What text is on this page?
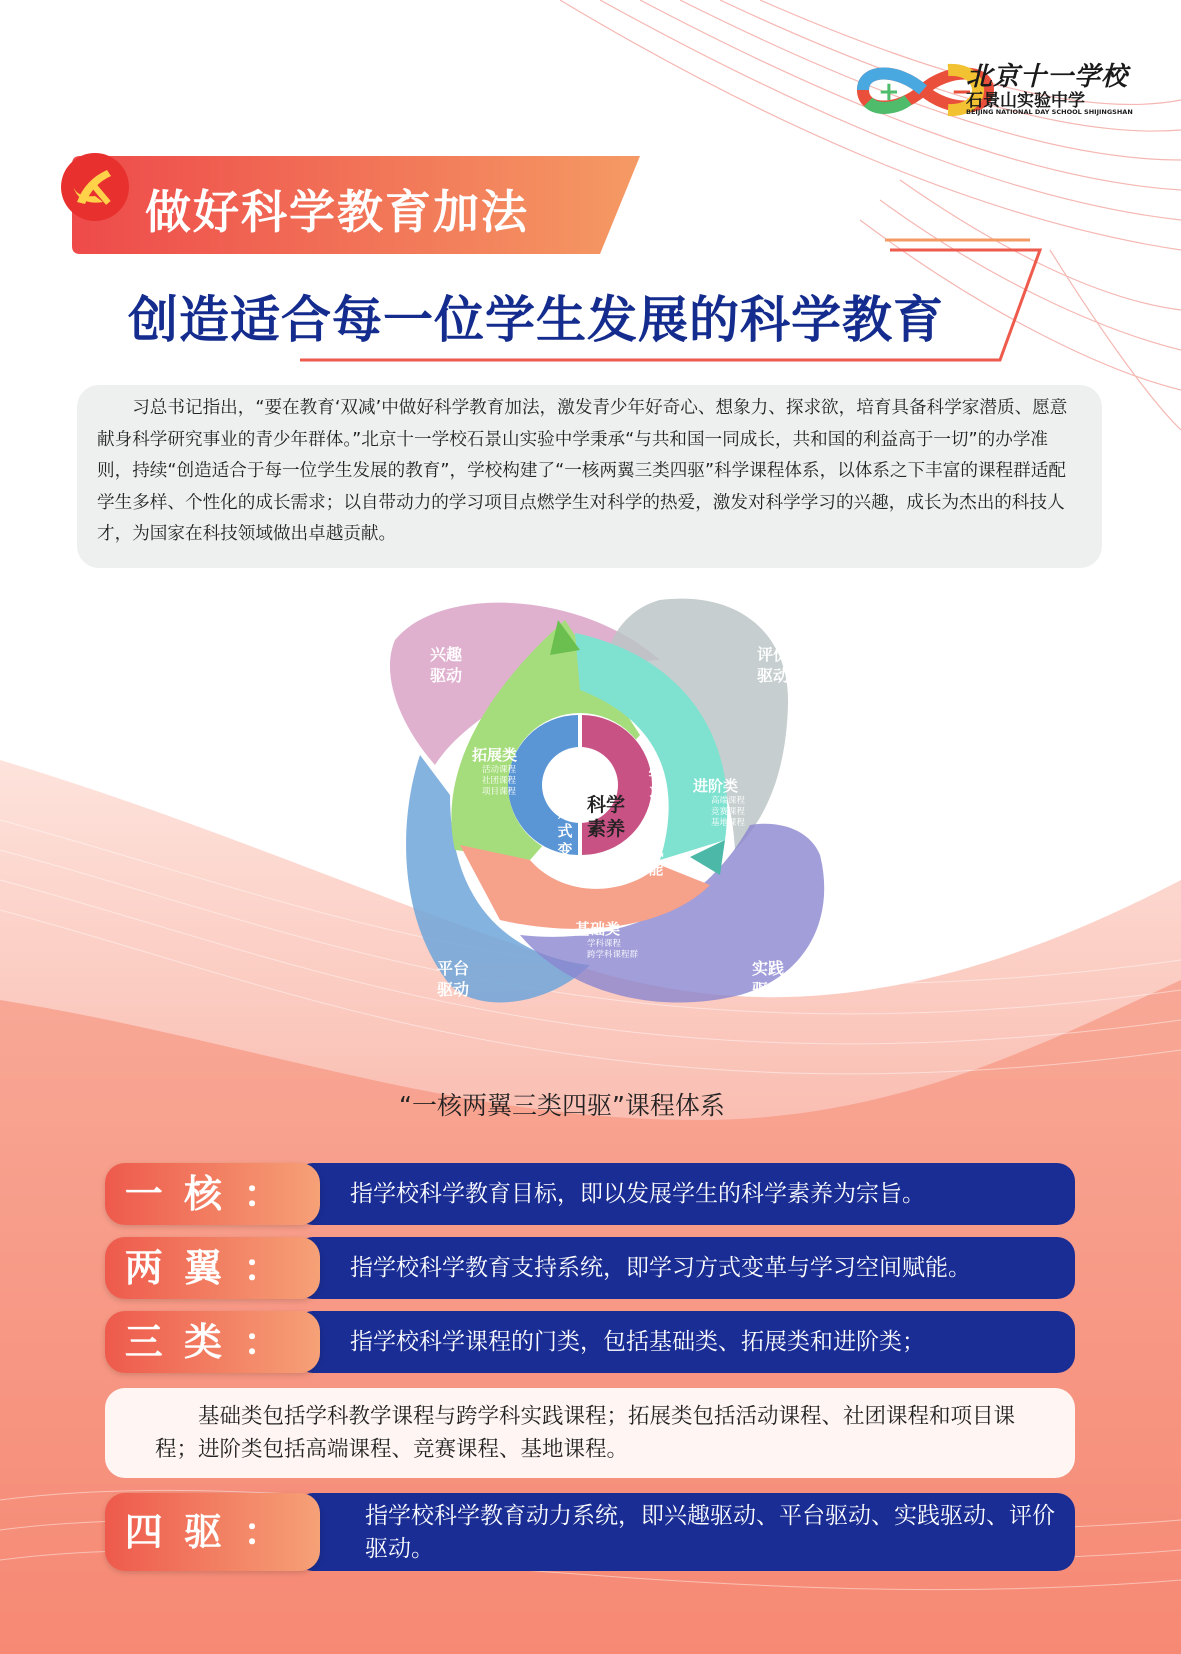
+ −
北京十一学校
石景山实验中学
BEIJING NATIONAL DAY SCHOOL SHIJINGSHAN
做好科学教育加法
创造适合每一位学生发展的科学教育
习总书记指出，“要在教育‘双减’中做好科学教育加法，激发青少年好奇心、想象力、探求欲，培育具备科学家潜质、愿意献身科学研究事业的青少年群体。”北京十一学校石景山实验中学秉承“与共和国一同成长，共和国的利益高于一切”的办学准则，持续“创造适合于每一位学生发展的教育”，学校构建了“一核两翼三类四驱”科学课程体系，以体系之下丰富的课程群适配学生多样、个性化的成长需求；以自带动力的学习项目点燃学生对科学的热爱，激发对科学学习的兴趣，成长为杰出的科技人才，为国家在科技领域做出卓越贡献。
科学
素养
学
习
方
式
变
革
学
习
空
间
赋
能
兴趣
驱动
评价
驱动
平台
驱动
实践
驱动
拓展类
活动课程
社团课程
项目课程	进阶类
高端课程
竞赛课程
基地课程
基础类
学科课程
跨学科课程群
“一核两翼三类四驱”课程体系
一 核 ：	指学校科学教育目标，即以发展学生的科学素养为宗旨。
两 翼 ：	指学校科学教育支持系统，即学习方式变革与学习空间赋能。
三 类 ：	指学校科学课程的门类，包括基础类、拓展类和进阶类；
基础类包括学科教学课程与跨学科实践课程；拓展类包括活动课程、社团课程和项目课程；进阶类包括高端课程、竞赛课程、基地课程。
四 驱 ：	指学校科学教育动力系统，即兴趣驱动、平台驱动、实践驱动、评价驱动。
